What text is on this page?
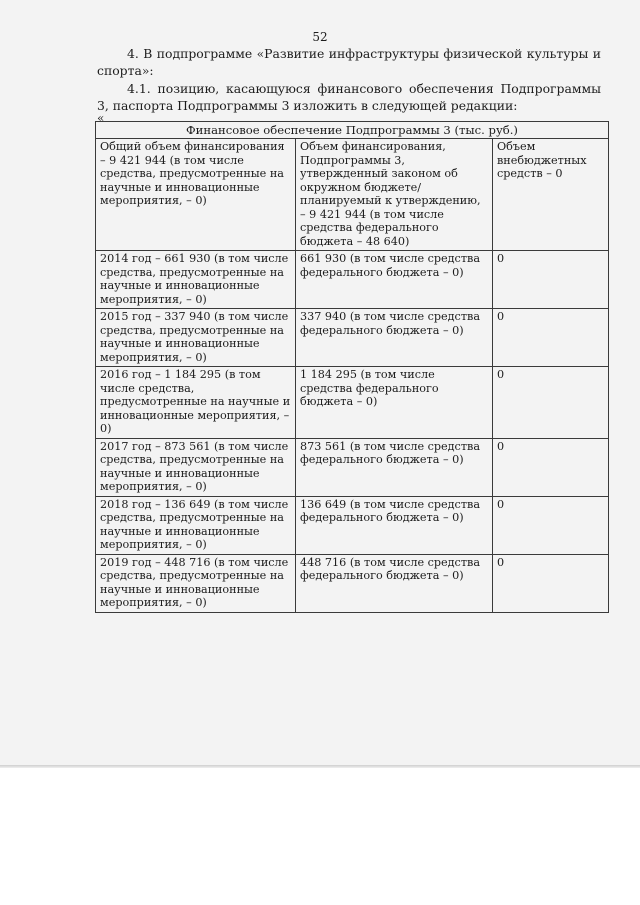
52

4. В подпрограмме «Развитие инфраструктуры физической культуры и спорта»:

4.1. позицию, касающуюся финансового обеспечения Подпрограммы 3, паспорта Подпрограммы 3 изложить в следующей редакции:

«
Финансовое обеспечение Подпрограммы 3 (тыс. руб.)		
Общий объем финансирования – 9 421 944 (в том числе средства, предусмотренные на научные и инновационные мероприятия, – 0)	Объем финансирования, Подпрограммы 3, утвержденный законом об окружном бюджете/планируемый к утверждению, – 9 421 944 (в том числе средства федерального бюджета – 48 640)	Объем внебюджетных средств – 0
2014 год – 661 930 (в том числе средства, предусмотренные на научные и инновационные мероприятия, – 0)	661 930 (в том числе средства федерального бюджета – 0)	0
2015 год – 337 940 (в том числе средства, предусмотренные на научные и инновационные мероприятия, – 0)	337 940 (в том числе средства федерального бюджета – 0)	0
2016 год – 1 184 295 (в том числе средства, предусмотренные на научные и инновационные мероприятия, – 0)	1 184 295 (в том числе средства федерального бюджета – 0)	0
2017 год – 873 561 (в том числе средства, предусмотренные на научные и инновационные мероприятия, – 0)	873 561 (в том числе средства федерального бюджета – 0)	0
2018 год – 136 649 (в том числе средства, предусмотренные на научные и инновационные мероприятия, – 0)	136 649 (в том числе средства федерального бюджета – 0)	0
2019 год – 448 716 (в том числе средства, предусмотренные на научные и инновационные мероприятия, – 0)	448 716 (в том числе средства федерального бюджета – 0)	0
